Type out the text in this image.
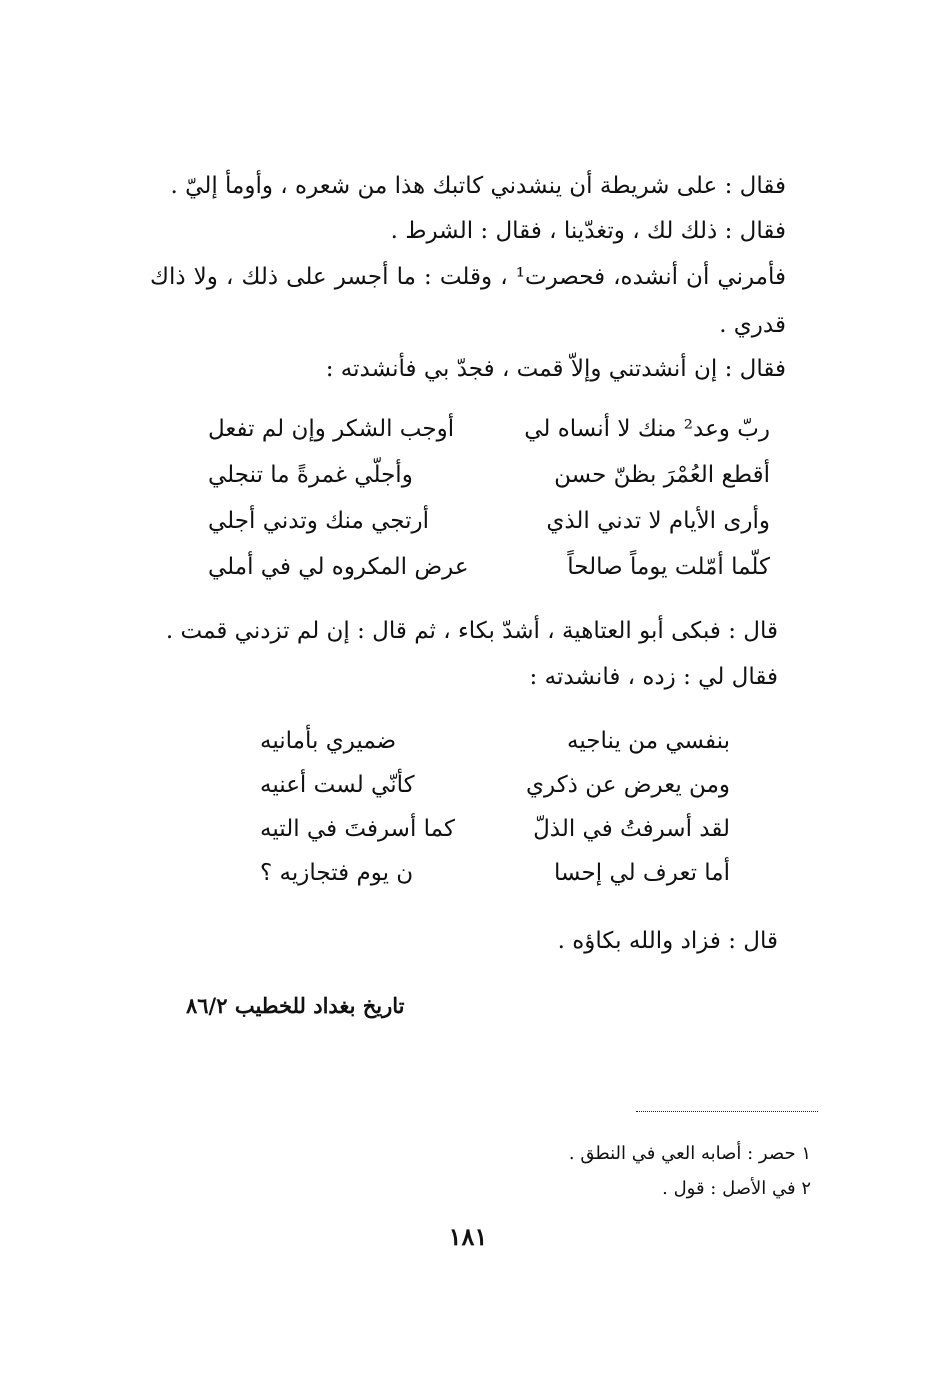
فقال : على شريطة أن ينشدني كاتبك هذا من شعره ، وأومأ إليّ .
فقال : ذلك لك ، وتغدّينا ، فقال : الشرط .
فأمرني أن أنشده، فحصرت¹ ، وقلت : ما أجسر على ذلك ، ولا ذاك
قدري .
فقال : إن أنشدتني وإلاّ قمت ، فجدّ بي فأنشدته :
ربّ وعد² منك لا أنساه لي
أوجب الشكر وإن لم تفعل
أقطع العُمْرَ بظنّ حسن
وأجلّي غمرةً ما تنجلي
وأرى الأيام لا تدني الذي
أرتجي منك وتدني أجلي
كلّما أمّلت يوماً صالحاً
عرض المكروه لي في أملي
قال : فبكى أبو العتاهية ، أشدّ بكاء ، ثم قال : إن لم تزدني قمت .
فقال لي : زده ، فانشدته :
بنفسي من يناجيه
ضميري بأمانيه
ومن يعرض عن ذكري
كأنّي لست أعنيه
لقد أسرفتُ في الذلّ
كما أسرفتَ في التيه
أما تعرف لي إحسا
ن يوم فتجازيه ؟
قال : فزاد والله بكاؤه .
تاريخ بغداد للخطيب ٨٦/٢
١ حصر : أصابه العي في النطق .
٢ في الأصل : قول .
١٨١
